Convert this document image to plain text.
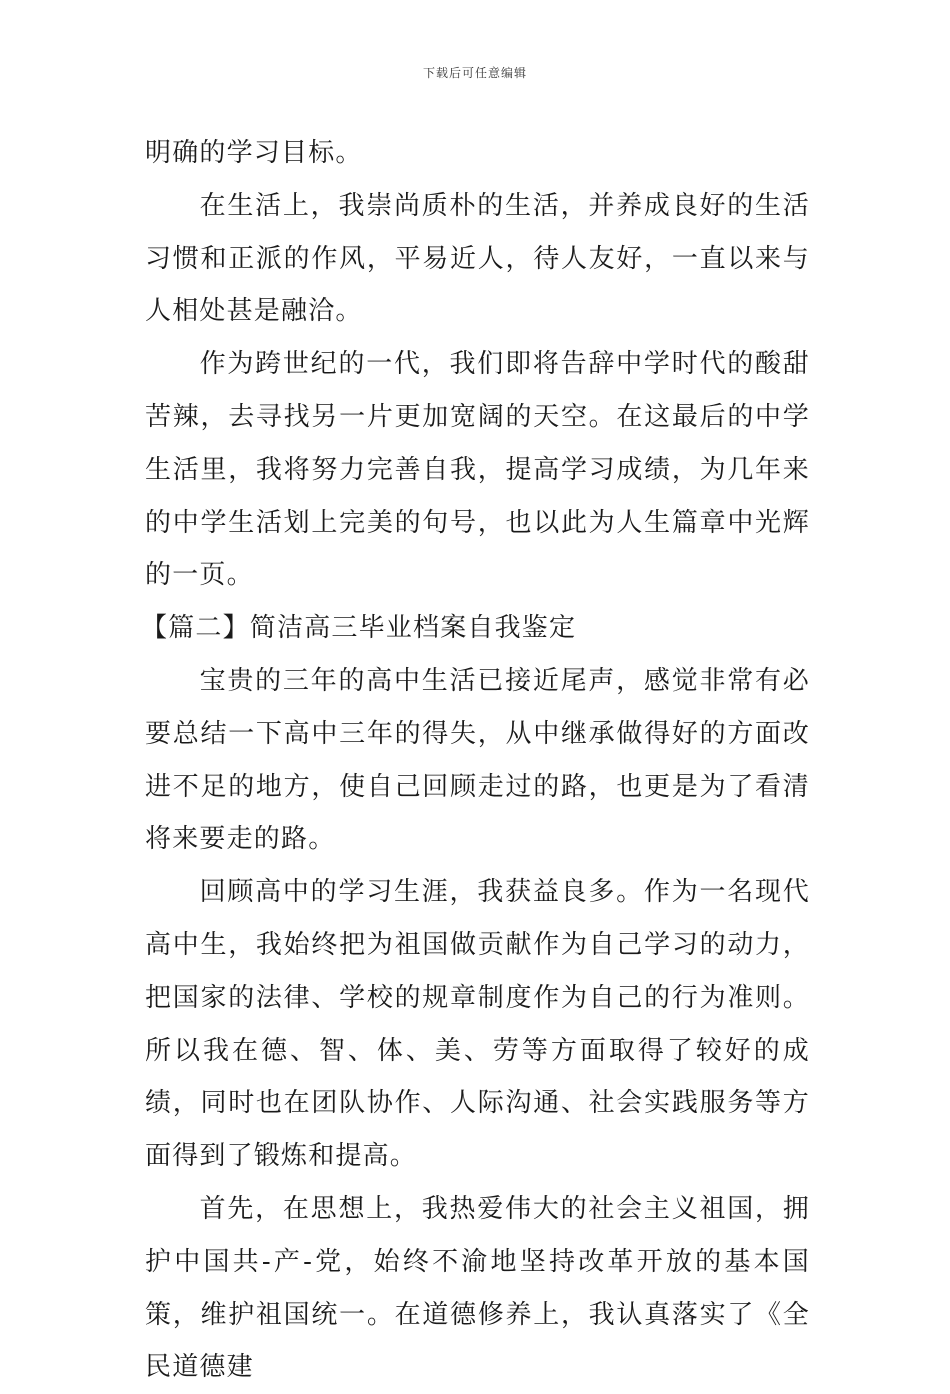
下载后可任意编辑

明确的学习目标。

在生活上，我崇尚质朴的生活，并养成良好的生活习惯和正派的作风，平易近人，待人友好，一直以来与人相处甚是融洽。

作为跨世纪的一代，我们即将告辞中学时代的酸甜苦辣，去寻找另一片更加宽阔的天空。在这最后的中学生活里，我将努力完善自我，提高学习成绩，为几年来的中学生活划上完美的句号，也以此为人生篇章中光辉的一页。

【篇二】简洁高三毕业档案自我鉴定

宝贵的三年的高中生活已接近尾声，感觉非常有必要总结一下高中三年的得失，从中继承做得好的方面改进不足的地方，使自己回顾走过的路，也更是为了看清将来要走的路。

回顾高中的学习生涯，我获益良多。作为一名现代高中生，我始终把为祖国做贡献作为自己学习的动力，把国家的法律、学校的规章制度作为自己的行为准则。所以我在德、智、体、美、劳等方面取得了较好的成绩，同时也在团队协作、人际沟通、社会实践服务等方面得到了锻炼和提高。

首先，在思想上，我热爱伟大的社会主义祖国，拥护中国共-产-党，始终不渝地坚持改革开放的基本国策，维护祖国统一。在道德修养上，我认真落实了《全民道德建
